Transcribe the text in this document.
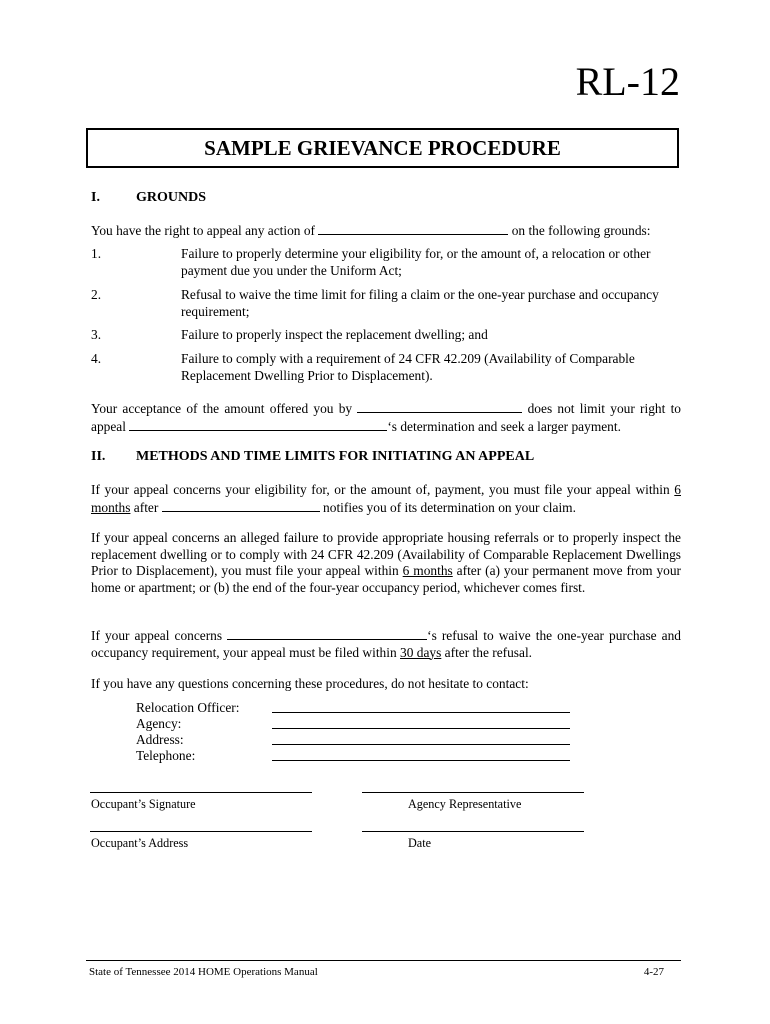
RL-12
SAMPLE GRIEVANCE PROCEDURE
I.	GROUNDS
You have the right to appeal any action of	on the following grounds:
1.	Failure to properly determine your eligibility for, or the amount of, a relocation or other payment due you under the Uniform Act;
2.	Refusal to waive the time limit for filing a claim or the one-year purchase and occupancy requirement;
3.	Failure to properly inspect the replacement dwelling; and
4.	Failure to comply with a requirement of 24 CFR 42.209 (Availability of Comparable Replacement Dwelling Prior to Displacement).

Your acceptance of the amount offered you by	does not limit your right to

appeal	‘s determination and seek a larger payment.

II. METHODS AND TIME LIMITS FOR INITIATING AN APPEAL

If your appeal concerns your eligibility for, or the amount of, payment, you must file your appeal within 6

months after	notifies you of its determination on your claim.

If your appeal concerns an alleged failure to provide appropriate housing referrals or to properly inspect the replacement dwelling or to comply with 24 CFR 42.209 (Availability of Comparable Replacement Dwellings Prior to Displacement), you must file your appeal within 6 months after (a) your permanent move from your home or apartment; or (b) the end of the four-year occupancy period, whichever comes first.

If your appeal concerns	‘s refusal to waive the one-year purchase and occupancy requirement, your appeal must be filed within 30 days after the refusal.

If you have any questions concerning these procedures, do not hesitate to contact:
Relocation Officer:
Agency:
Address:
Telephone:
Occupant’s Signature	Agency Representative
Occupant’s Address	Date
State of Tennessee 2014 HOME Operations Manual	4-27
